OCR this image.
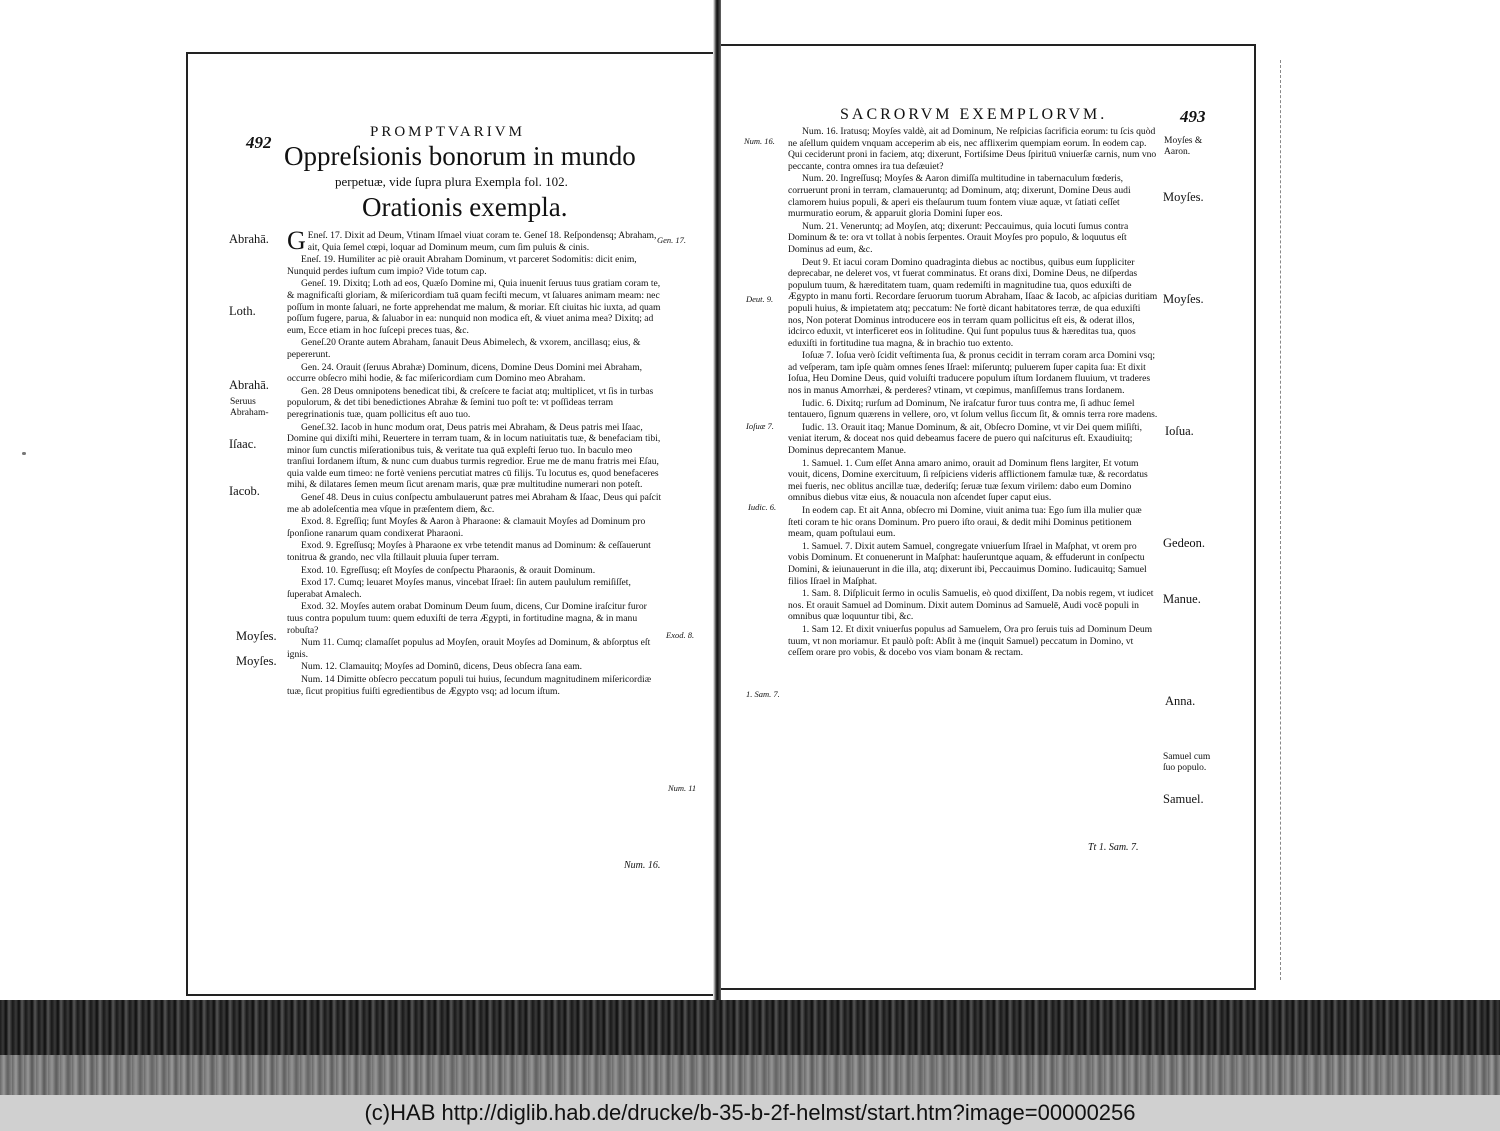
492
PROMPTVARIVM
Oppreſsionis bonorum in mundo
perpetuæ, vide ſupra plura Exempla fol. 102.
Orationis exempla.

G Eneſ. 17. Dixit ad Deum, Vtinam Iſmael viuat coram te. Geneſ 18. Reſpondensq; Abraham, ait, Quia ſemel cœpi, loquar ad Dominum meum, cum ſim puluis & cinis.

Eneſ. 19. Humiliter ac piè orauit Abraham Dominum, vt parceret Sodomitis: dicit enim, Nunquid perdes iuſtum cum impio? Vide totum cap.

Geneſ. 19. Dixitq; Loth ad eos, Quæſo Domine mi, Quia inuenit ſeruus tuus gratiam coram te, & magnificaſti gloriam, & miſericordiam tuā quam feciſti mecum, vt ſaluares animam meam: nec poſſum in monte ſaluari, ne forte apprehendat me malum, & moriar. Eſt ciuitas hic iuxta, ad quam poſſum fugere, parua, & ſaluabor in ea: nunquid non modica eſt, & viuet anima mea? Dixitq; ad eum, Ecce etiam in hoc ſuſcepi preces tuas, &c.

Geneſ.20 Orante autem Abraham, ſanauit Deus Abimelech, & vxorem, ancillasq; eius, & pepererunt.

Gen. 24. Orauit (ſeruus Abrahæ) Dominum, dicens, Domine Deus Domini mei Abraham, occurre obſecro mihi hodie, & fac miſericordiam cum Domino meo Abraham.

Gen. 28 Deus omnipotens benedicat tibi, & creſcere te faciat atq; multiplicet, vt ſis in turbas populorum, & det tibi benedictiones Abrahæ & ſemini tuo poſt te: vt poſſideas terram peregrinationis tuæ, quam pollicitus eſt auo tuo.

Geneſ.32. Iacob in hunc modum orat, Deus patris mei Abraham, & Deus patris mei Iſaac, Domine qui dixiſti mihi, Reuertere in terram tuam, & in locum natiuitatis tuæ, & benefaciam tibi, minor ſum cunctis miſerationibus tuis, & veritate tua quā expleſti ſeruo tuo. In baculo meo tranſiui Iordanem iſtum, & nunc cum duabus turmis regredior. Erue me de manu fratris mei Eſau, quia valde eum timeo: ne fortè veniens percutiat matres cū filijs. Tu locutus es, quod benefaceres mihi, & dilatares ſemen meum ſicut arenam maris, quæ præ multitudine numerari non poteſt.

Geneſ 48. Deus in cuius conſpectu ambulauerunt patres mei Abraham & Iſaac, Deus qui paſcit me ab adoleſcentia mea vſque in præſentem diem, &c.

Exod. 8. Egreſſiq; ſunt Moyſes & Aaron à Pharaone: & clamauit Moyſes ad Dominum pro ſponſione ranarum quam condixerat Pharaoni.

Exod. 9. Egreſſusq; Moyſes à Pharaone ex vrbe tetendit manus ad Dominum: & ceſſauerunt tonitrua & grando, nec vlla ſtillauit pluuia ſuper terram.

Exod. 10. Egreſſusq; eſt Moyſes de conſpectu Pharaonis, & orauit Dominum.

Exod 17. Cumq; leuaret Moyſes manus, vincebat Iſrael: ſin autem paululum remiſiſſet, ſuperabat Amalech.

Exod. 32. Moyſes autem orabat Dominum Deum ſuum, dicens, Cur Domine iraſcitur furor tuus contra populum tuum: quem eduxiſti de terra Ægypti, in fortitudine magna, & in manu robuſta?

Num 11. Cumq; clamaſſet populus ad Moyſen, orauit Moyſes ad Dominum, & abſorptus eſt ignis.

Num. 12. Clamauitq; Moyſes ad Dominū, dicens, Deus obſecra ſana eam.

Num. 14 Dimitte obſecro peccatum populi tui huius, ſecundum magnitudinem miſericordiæ tuæ, ſicut propitius fuiſti egredientibus de Ægypto vsq; ad locum iſtum.

Abrahā.
Loth.
Abrahā.
Seruus Abraham-
Iſaac.
Iacob.
Moyſes.
Moyſes.
Gen. 17.
Exod. 8.
Num. 11
Num. 16.
SACRORVM EXEMPLORVM.	493

Num. 16. Iratusq; Moyſes valdè, ait ad Dominum, Ne reſpicias ſacrificia eorum: tu ſcis quòd ne aſellum quidem vnquam acceperim ab eis, nec afflixerim quempiam eorum. In eodem cap. Qui ceciderunt proni in faciem, atq; dixerunt, Fortiſsime Deus ſpirituū vniuerſæ carnis, num vno peccante, contra omnes ira tua deſæuiet?

Num. 20. Ingreſſusq; Moyſes & Aaron dimiſſa multitudine in tabernaculum fœderis, corruerunt proni in terram, clamaueruntq; ad Dominum, atq; dixerunt, Domine Deus audi clamorem huius populi, & aperi eis theſaurum tuum fontem viuæ aquæ, vt ſatiati ceſſet murmuratio eorum, & apparuit gloria Domini ſuper eos.

Num. 21. Veneruntq; ad Moyſen, atq; dixerunt: Peccauimus, quia locuti ſumus contra Dominum & te: ora vt tollat à nobis ſerpentes. Orauit Moyſes pro populo, & loquutus eſt Dominus ad eum, &c.

Deut 9. Et iacui coram Domino quadraginta diebus ac noctibus, quibus eum ſuppliciter deprecabar, ne deleret vos, vt fuerat comminatus. Et orans dixi, Domine Deus, ne diſperdas populum tuum, & hæreditatem tuam, quam redemiſti in magnitudine tua, quos eduxiſti de Ægypto in manu forti. Recordare ſeruorum tuorum Abraham, Iſaac & Iacob, ac aſpicias duritiam populi huius, & impietatem atq; peccatum: Ne fortè dicant habitatores terræ, de qua eduxiſti nos, Non poterat Dominus introducere eos in terram quam pollicitus eſt eis, & oderat illos, idcirco eduxit, vt interficeret eos in ſolitudine. Qui ſunt populus tuus & hæreditas tua, quos eduxiſti in fortitudine tua magna, & in brachio tuo extento.

Ioſuæ 7. Ioſua verò ſcidit veſtimenta ſua, & pronus cecidit in terram coram arca Domini vsq; ad veſperam, tam ipſe quàm omnes ſenes Iſrael: miſeruntq; puluerem ſuper capita ſua: Et dixit Ioſua, Heu Domine Deus, quid voluiſti traducere populum iſtum Iordanem fluuium, vt traderes nos in manus Amorrhæi, & perderes? vtinam, vt cœpimus, manſiſſemus trans Iordanem.

Iudic. 6. Dixitq; rurſum ad Dominum, Ne iraſcatur furor tuus contra me, ſi adhuc ſemel tentauero, ſignum quærens in vellere, oro, vt ſolum vellus ſiccum ſit, & omnis terra rore madens.

Iudic. 13. Orauit itaq; Manue Dominum, & ait, Obſecro Domine, vt vir Dei quem miſiſti, veniat iterum, & doceat nos quid debeamus facere de puero qui naſciturus eſt. Exaudiuitq; Dominus deprecantem Manue.

1. Samuel. 1. Cum eſſet Anna amaro animo, orauit ad Dominum flens largiter, Et votum vouit, dicens, Domine exercituum, ſi reſpiciens videris afflictionem famulæ tuæ, & recordatus mei fueris, nec oblitus ancillæ tuæ, dederiſq; ſeruæ tuæ ſexum virilem: dabo eum Domino omnibus diebus vitæ eius, & nouacula non aſcendet ſuper caput eius.

In eodem cap. Et ait Anna, obſecro mi Domine, viuit anima tua: Ego ſum illa mulier quæ ſteti coram te hic orans Dominum. Pro puero iſto oraui, & dedit mihi Dominus petitionem meam, quam poſtulaui eum.

1. Samuel. 7. Dixit autem Samuel, congregate vniuerſum Iſrael in Maſphat, vt orem pro vobis Dominum. Et conuenerunt in Maſphat: hauſeruntque aquam, & effuderunt in conſpectu Domini, & ieiunauerunt in die illa, atq; dixerunt ibi, Peccauimus Domino. Iudicauitq; Samuel filios Iſrael in Maſphat.

1. Sam. 8. Diſplicuit ſermo in oculis Samuelis, eò quod dixiſſent, Da nobis regem, vt iudicet nos. Et orauit Samuel ad Dominum. Dixit autem Dominus ad Samuelē, Audi vocē populi in omnibus quæ loquuntur tibi, &c.

1. Sam 12. Et dixit vniuerſus populus ad Samuelem, Ora pro ſeruis tuis ad Dominum Deum tuum, vt non moriamur. Et paulò poſt: Abſit à me (inquit Samuel) peccatum in Domino, vt ceſſem orare pro vobis, & docebo vos viam bonam & rectam.

Num. 16.
Deut. 9.
Ioſuæ 7.
Iudic. 6.
1. Sam. 7.
Moyſes & Aaron.
Moyſes.
Moyſes.
Ioſua.
Gedeon.
Manue.
Anna.
Samuel cum ſuo populo.
Samuel.
Tt 1. Sam. 7.
(c)HAB http://diglib.hab.de/drucke/b-35-b-2f-helmst/start.htm?image=00000256
